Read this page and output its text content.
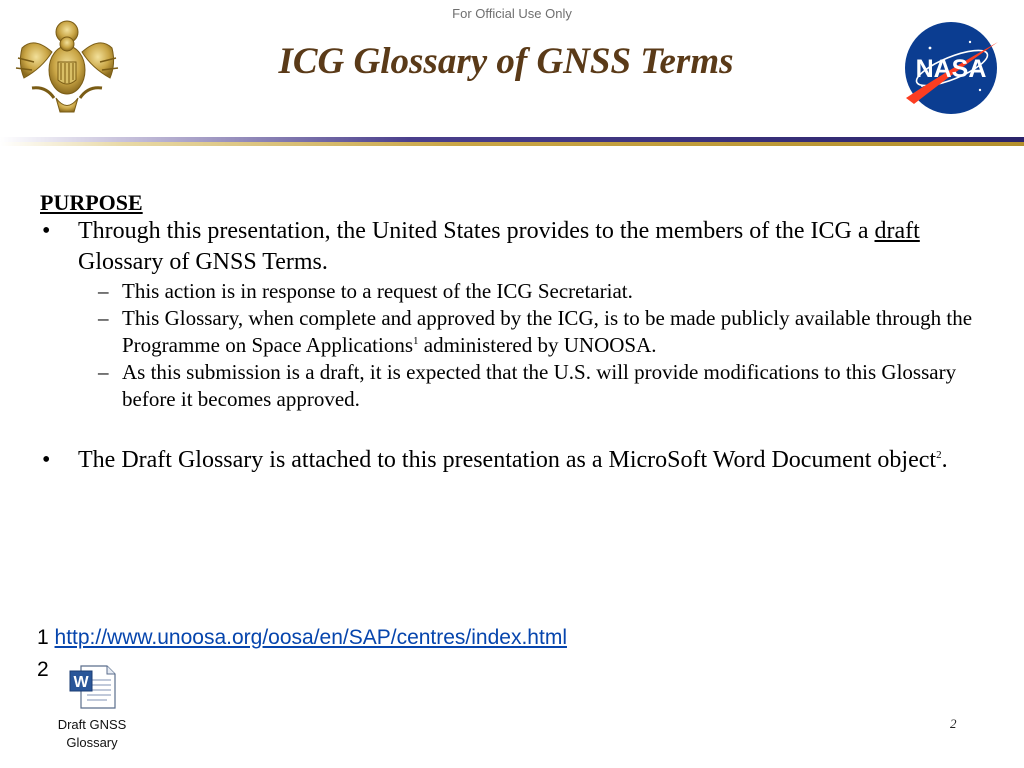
For Official Use Only
ICG Glossary of GNSS Terms	NASA
PURPOSE
• Through this presentation, the United States provides to the members of the ICG a draft Glossary of GNSS Terms.
– This action is in response to a request of the ICG Secretariat.
– This Glossary, when complete and approved by the ICG, is to be made publicly available through the Programme on Space Applications$^1$ administered by UNOOSA.
– As this submission is a draft, it is expected that the U.S. will provide modifications to this Glossary before it becomes approved.
• The Draft Glossary is attached to this presentation as a MicroSoft Word Document object$^2$.
1 http://www.unoosa.org/oosa/en/SAP/centres/index.html
2
W
Draft GNSS
Glossary
2
